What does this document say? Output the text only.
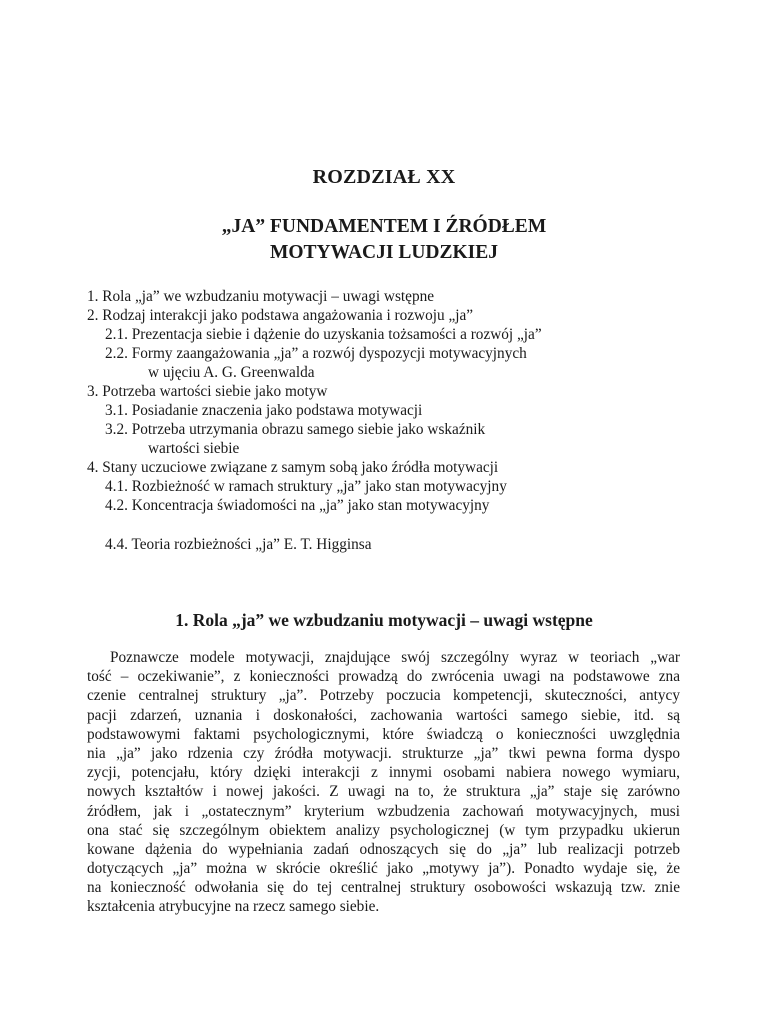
ROZDZIAŁ XX
„JA” FUNDAMENTEM I ŹRÓDŁEM
MOTYWACJI LUDZKIEJ
1. Rola „ja” we wzbudzaniu motywacji – uwagi wstępne
2. Rodzaj interakcji jako podstawa angażowania i rozwoju „ja”
2.1. Prezentacja siebie i dążenie do uzyskania tożsamości a rozwój „ja”
2.2. Formy zaangażowania „ja” a rozwój dyspozycji motywacyjnych
w ujęciu A. G. Greenwalda
3. Potrzeba wartości siebie jako motyw
3.1. Posiadanie znaczenia jako podstawa motywacji
3.2. Potrzeba utrzymania obrazu samego siebie jako wskaźnik
wartości siebie
4. Stany uczuciowe związane z samym sobą jako źródła motywacji
4.1. Rozbieżność w ramach struktury „ja” jako stan motywacyjny
4.2. Koncentracja świadomości na „ja” jako stan motywacyjny
4.4. Teoria rozbieżności „ja” E. T. Higginsa
1. Rola „ja” we wzbudzaniu motywacji – uwagi wstępne
Poznawcze modele motywacji, znajdujące swój szczególny wyraz w teoriach „war
tość – oczekiwanie”, z konieczności prowadzą do zwrócenia uwagi na podstawowe zna
czenie centralnej struktury „ja”. Potrzeby poczucia kompetencji, skuteczności, antycy
pacji zdarzeń, uznania i doskonałości, zachowania wartości samego siebie, itd. są
podstawowymi faktami psychologicznymi, które świadczą o konieczności uwzględnia
nia „ja” jako rdzenia czy źródła motywacji. strukturze „ja” tkwi pewna forma dyspo
zycji, potencjału, który dzięki interakcji z innymi osobami nabiera nowego wymiaru,
nowych kształtów i nowej jakości. Z uwagi na to, że struktura „ja” staje się zarówno
źródłem, jak i „ostatecznym” kryterium wzbudzenia zachowań motywacyjnych, musi
ona stać się szczególnym obiektem analizy psychologicznej (w tym przypadku ukierun
kowane dążenia do wypełniania zadań odnoszących się do „ja” lub realizacji potrzeb
dotyczących „ja” można w skrócie określić jako „motywy ja”). Ponadto wydaje się, że
na konieczność odwołania się do tej centralnej struktury osobowości wskazują tzw. znie
kształcenia atrybucyjne na rzecz samego siebie.
